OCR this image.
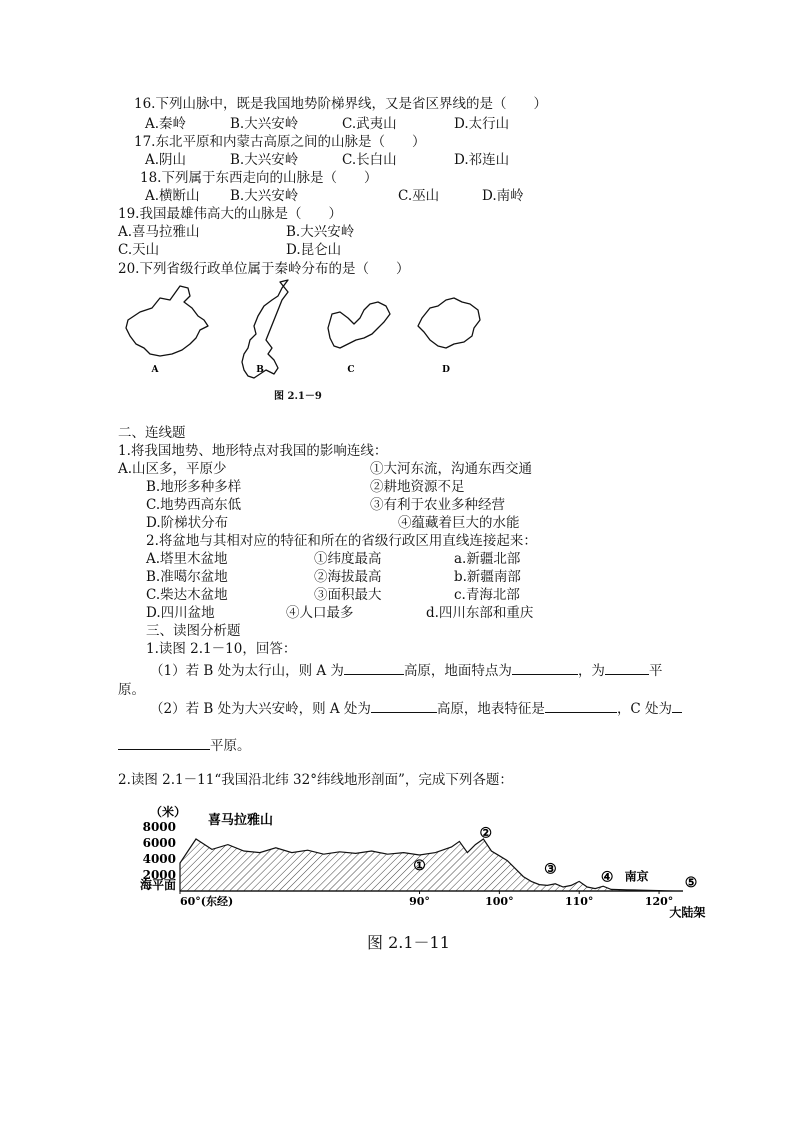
16.下列山脉中，既是我国地势阶梯界线，又是省区界线的是（　　）
A.秦岭	B.大兴安岭	C.武夷山	D.太行山
17.东北平原和内蒙古高原之间的山脉是（　　）
A.阴山	B.大兴安岭	C.长白山	D.祁连山
18.下列属于东西走向的山脉是（　　）
A.横断山 B.大兴安岭	C.巫山	D.南岭
19.我国最雄伟高大的山脉是（　　）
A.喜马拉雅山	B.大兴安岭
C.天山	D.昆仑山
20.下列省级行政单位属于秦岭分布的是（　　）
A	B	C	D
图 2.1－9
二、连线题
1.将我国地势、地形特点对我国的影响连线：
A.山区多，平原少	①大河东流，沟通东西交通
B.地形多种多样	②耕地资源不足
C.地势西高东低	③有利于农业多种经营
D.阶梯状分布	④蕴藏着巨大的水能
2.将盆地与其相对应的特征和所在的省级行政区用直线连接起来：
A.塔里木盆地	①纬度最高	a.新疆北部
B.准噶尔盆地	②海拔最高	b.新疆南部
C.柴达木盆地	③面积最大	c.青海北部
D.四川盆地	④人口最多	d.四川东部和重庆
三、读图分析题
1.读图 2.1－10，回答：
（1）若 B 处为太行山，则 A 为	高原，地面特点为	，为	平
原。
（2）若 B 处为大兴安岭，则 A 处为	高原，地表特征是	，C 处为
平原。
2.读图 2.1－11“我国沿北纬 32°纬线地形剖面”，完成下列各题：
（米）
8000
6000
4000
2000
海平面
60°(东经)	90°	100°	110°	120°
喜马拉雅山
①
②
③	④ 南京	⑤
大陆架
图 2.1－11
